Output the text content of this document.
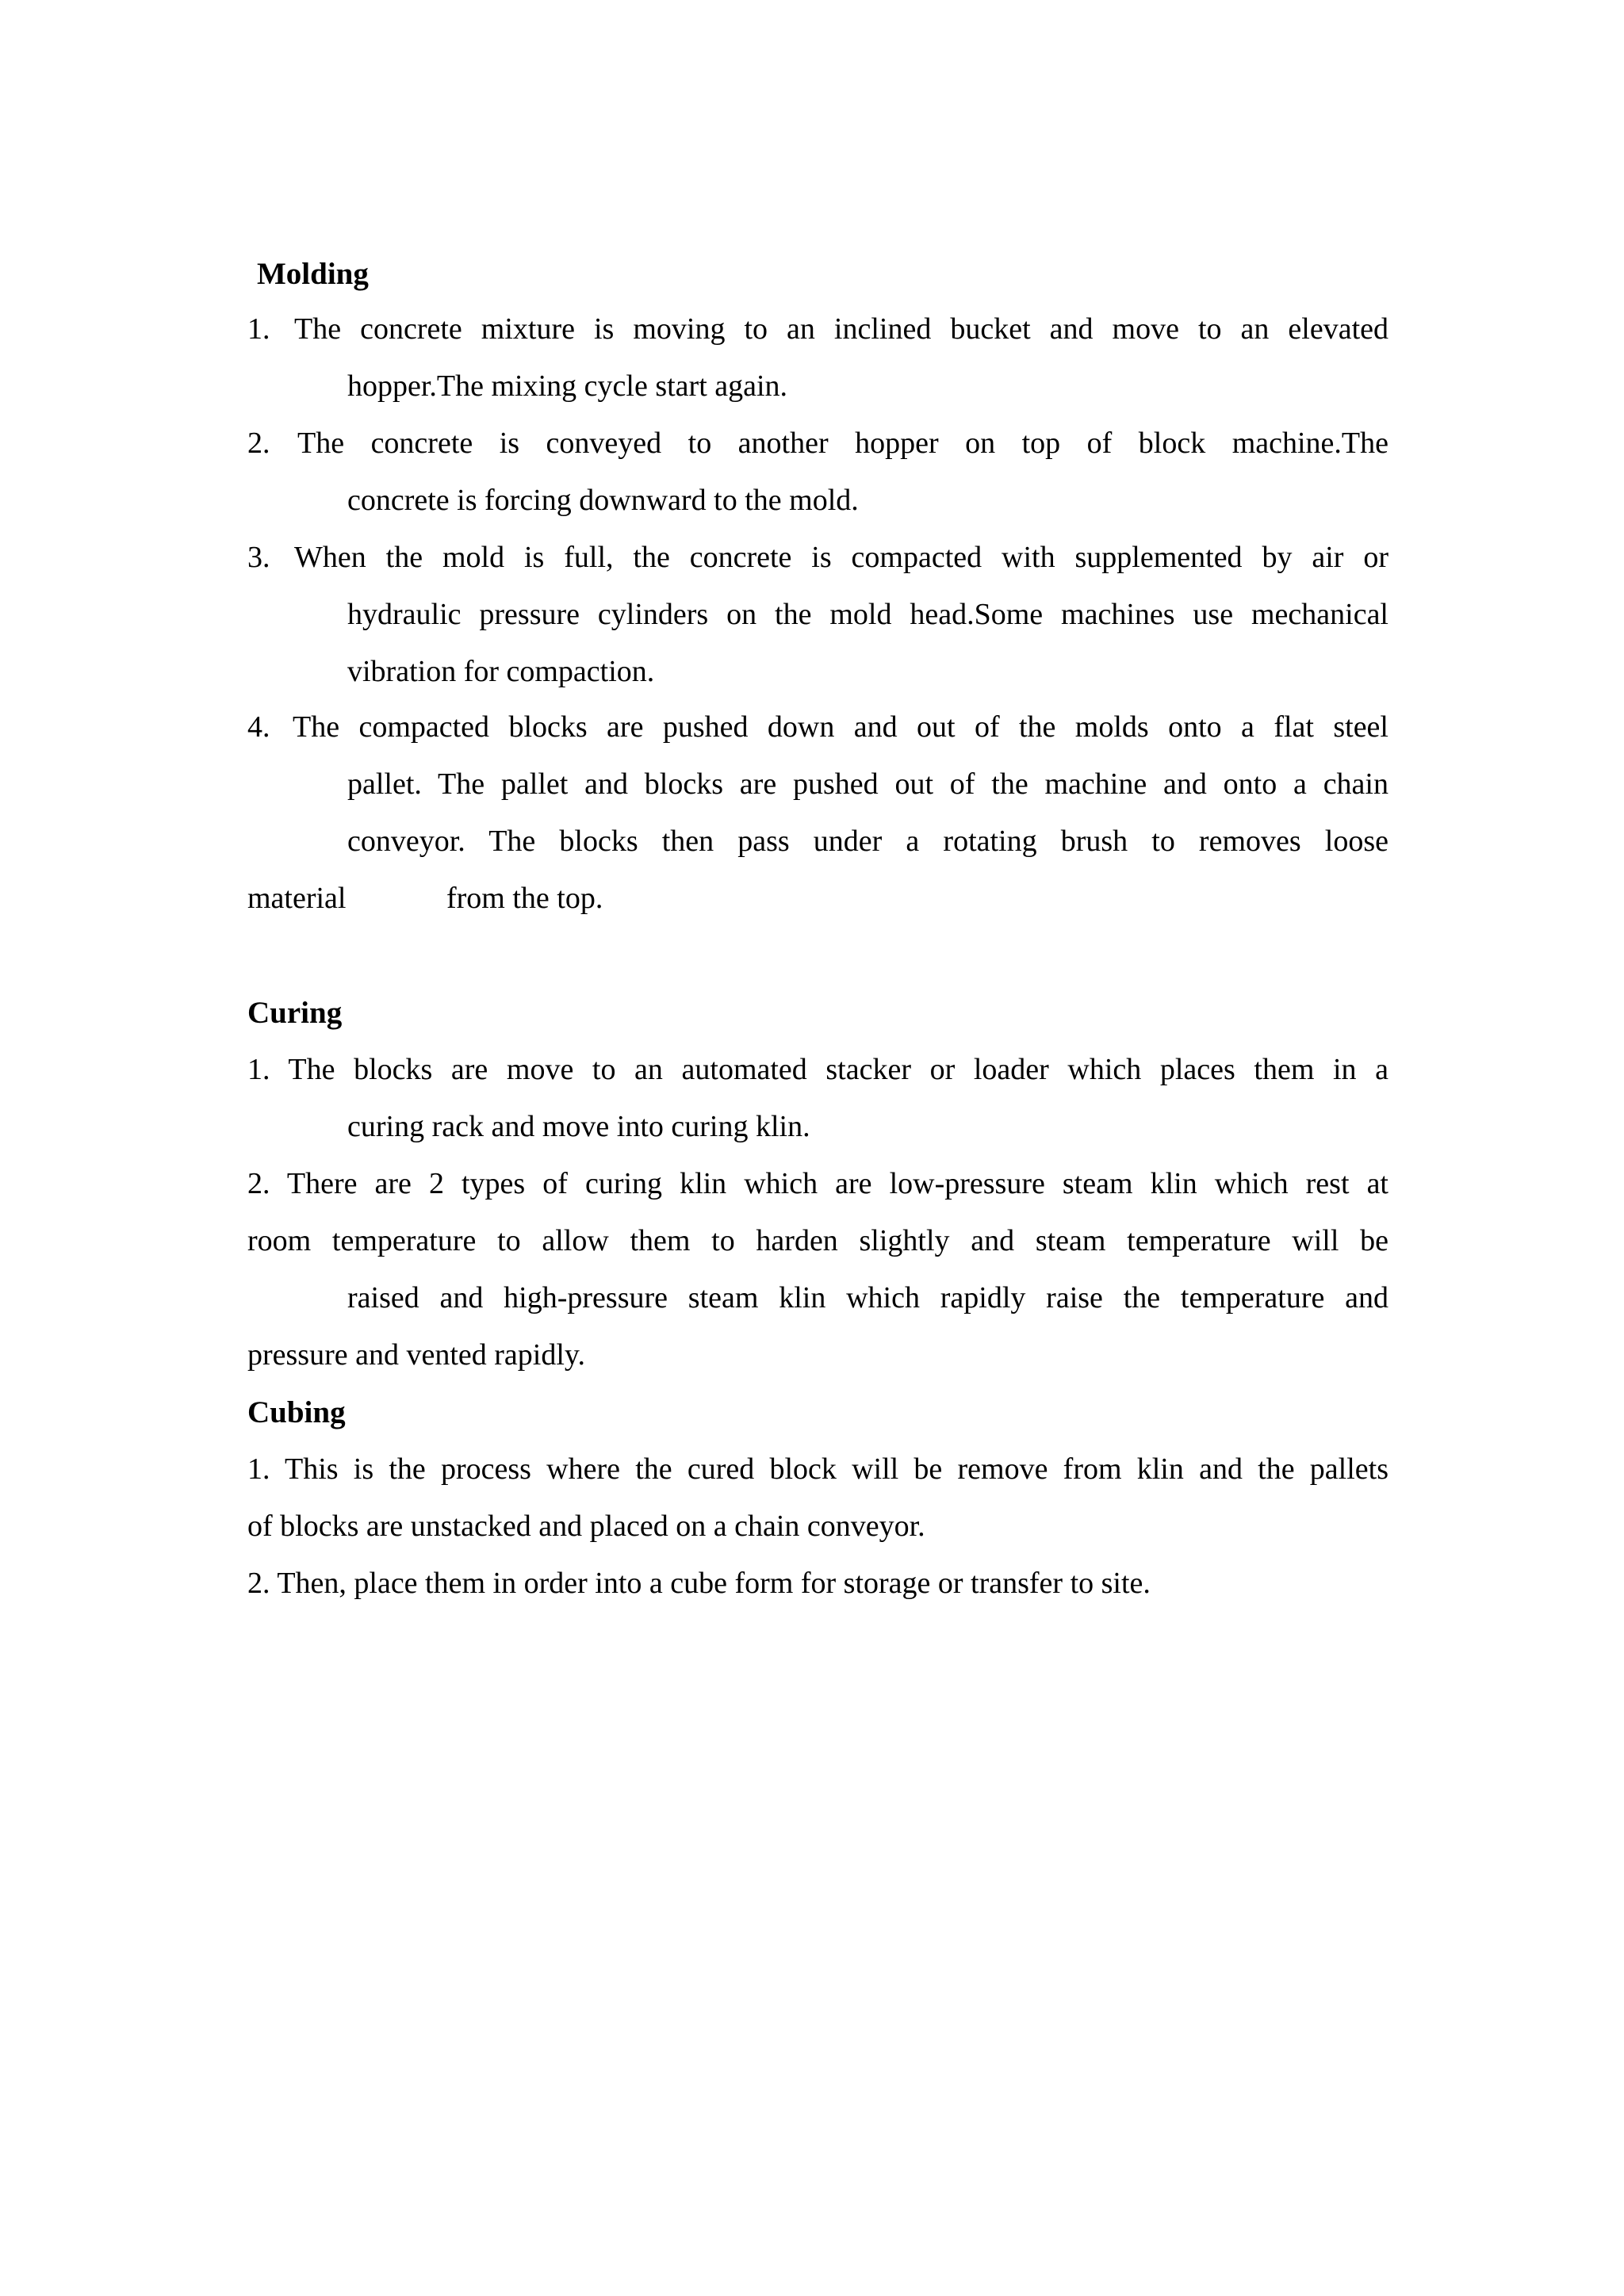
Molding
1. The concrete mixture is moving to an inclined bucket and move to an elevated
hopper.The mixing cycle start again.
2. The concrete is conveyed to another hopper on top of block machine.The
concrete is forcing downward to the mold.
3. When the mold is full, the concrete is compacted with supplemented by air or
hydraulic pressure cylinders on the mold head.Some machines use mechanical
vibration for compaction.
4. The compacted blocks are pushed down and out of the molds onto a flat steel
pallet. The pallet and blocks are pushed out of the machine and onto a chain
conveyor. The blocks then pass under a rotating brush to removes loose
material	from the top.
Curing
1. The blocks are move to an automated stacker or loader which places them in a
curing rack and move into curing klin.
2. There are 2 types of curing klin which are low-pressure steam klin which rest at
room temperature to allow them to harden slightly and steam temperature will be
raised and high-pressure steam klin which rapidly raise the temperature and
pressure and vented rapidly.
Cubing
1. This is the process where the cured block will be remove from klin and the pallets
of blocks are unstacked and placed on a chain conveyor.
2. Then, place them in order into a cube form for storage or transfer to site.
